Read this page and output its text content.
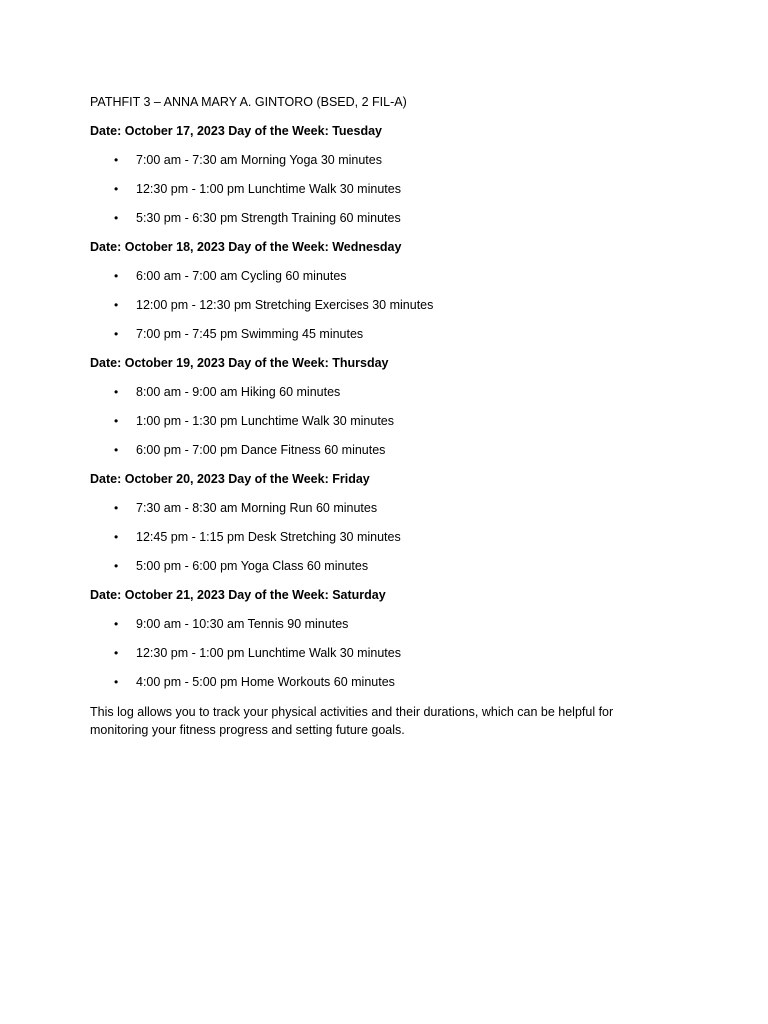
PATHFIT 3 – ANNA MARY A. GINTORO (BSED, 2 FIL-A)
Date: October 17, 2023 Day of the Week: Tuesday
• 7:00 am - 7:30 am Morning Yoga 30 minutes
• 12:30 pm - 1:00 pm Lunchtime Walk 30 minutes
• 5:30 pm - 6:30 pm Strength Training 60 minutes
Date: October 18, 2023 Day of the Week: Wednesday
• 6:00 am - 7:00 am Cycling 60 minutes
• 12:00 pm - 12:30 pm Stretching Exercises 30 minutes
• 7:00 pm - 7:45 pm Swimming 45 minutes
Date: October 19, 2023 Day of the Week: Thursday
• 8:00 am - 9:00 am Hiking 60 minutes
• 1:00 pm - 1:30 pm Lunchtime Walk 30 minutes
• 6:00 pm - 7:00 pm Dance Fitness 60 minutes
Date: October 20, 2023 Day of the Week: Friday
• 7:30 am - 8:30 am Morning Run 60 minutes
• 12:45 pm - 1:15 pm Desk Stretching 30 minutes
• 5:00 pm - 6:00 pm Yoga Class 60 minutes
Date: October 21, 2023 Day of the Week: Saturday
• 9:00 am - 10:30 am Tennis 90 minutes
• 12:30 pm - 1:00 pm Lunchtime Walk 30 minutes
• 4:00 pm - 5:00 pm Home Workouts 60 minutes

This log allows you to track your physical activities and their durations, which can be helpful for monitoring your fitness progress and setting future goals.
